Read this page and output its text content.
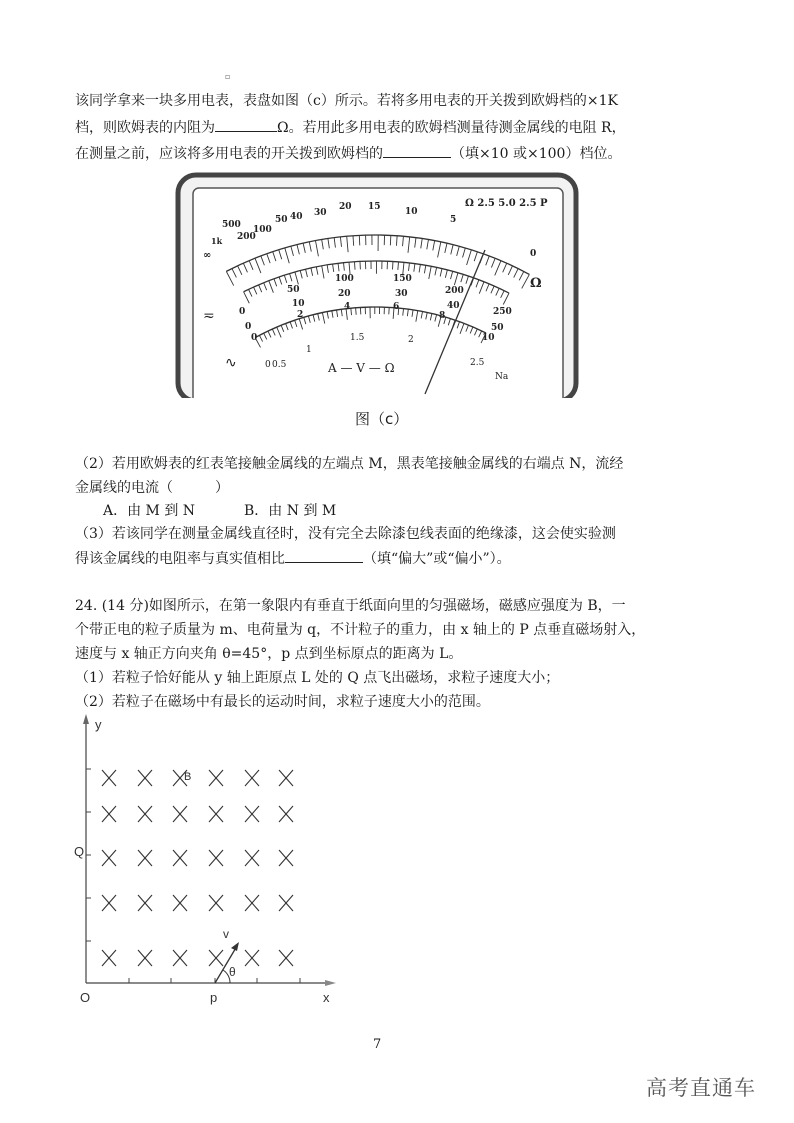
▫
该同学拿来一块多用电表，表盘如图（c）所示。若将多用电表的开关拨到欧姆档的×1K
档，则欧姆表的内阻为	Ω。若用此多用电表的欧姆档测量待测金属线的电阻 R，
在测量之前，应该将多用电表的开关拨到欧姆档的	（填×10 或×100）档位。
∞
1k
500
200
100
50 40 30
20 15	10
5
0
Ω 2.5 5.0 2.5 P
Ω
0
50
100	150
200
250
0
10
20	30
40
50
0
2
4	6
8
10
0 0.5
1
1.5	2
2.5
≂
∿	A — V — Ω
Na
图（c）
（2）若用欧姆表的红表笔接触金属线的左端点 M，黑表笔接触金属线的右端点 N，流经
金属线的电流（　　　）
A．由 M 到 N	B．由 N 到 M
（3）若该同学在测量金属线直径时，没有完全去除漆包线表面的绝缘漆，这会使实验测
得该金属线的电阻率与真实值相比	（填“偏大”或“偏小”）。
24. (14 分)如图所示，在第一象限内有垂直于纸面向里的匀强磁场，磁感应强度为 B，一
个带正电的粒子质量为 m、电荷量为 q，不计粒子的重力，由 x 轴上的 P 点垂直磁场射入，
速度与 x 轴正方向夹角 θ=45°，p 点到坐标原点的距离为 L。
（1）若粒子恰好能从 y 轴上距原点 L 处的 Q 点飞出磁场，求粒子速度大小；
（2）若粒子在磁场中有最长的运动时间，求粒子速度大小的范围。
y
x
O	p
Q
B
v
θ
7
高考直通车
